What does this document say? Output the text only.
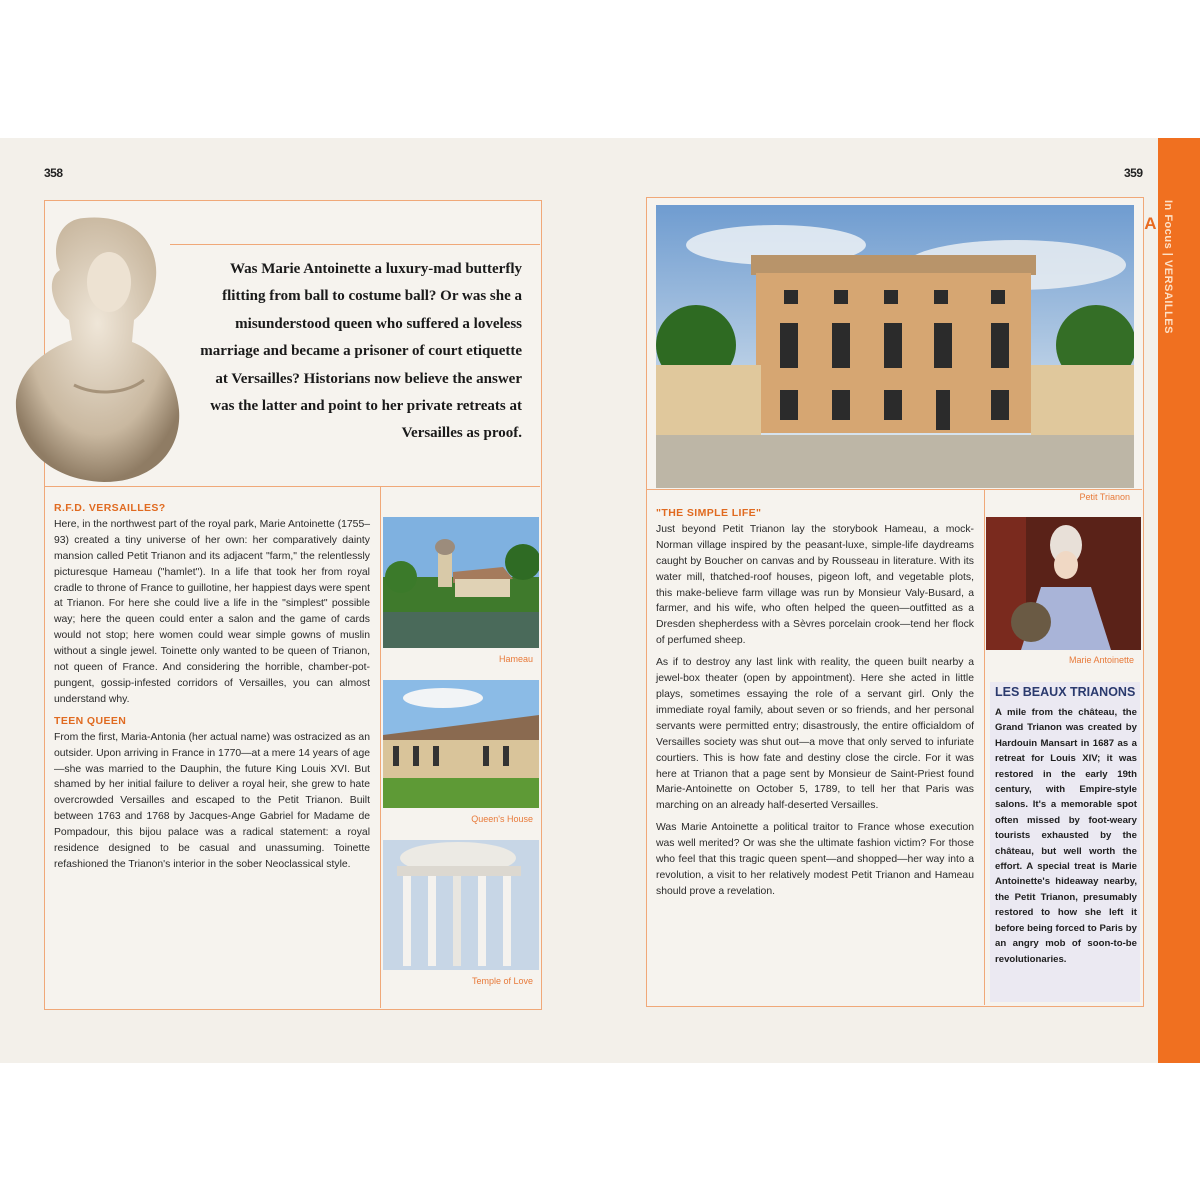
358
LAIR
Was Marie Antoinette a luxury-mad butterfly flitting from ball to costume ball? Or was she a misunderstood queen who suffered a loveless marriage and became a prisoner of court etiquette at Versailles? Historians now believe the answer was the latter and point to her private retreats at Versailles as proof.
R.F.D. VERSAILLES?

Here, in the northwest part of the royal park, Marie Antoinette (1755–93) created a tiny universe of her own: her comparatively dainty mansion called Petit Trianon and its adjacent "farm," the relentlessly picturesque Hameau ("hamlet"). In a life that took her from royal cradle to throne of France to guillotine, her happiest days were spent at Trianon. For here she could live a life in the "simplest" possible way; here the queen could enter a salon and the game of cards would not stop; here women could wear simple gowns of muslin without a single jewel. Toinette only wanted to be queen of Trianon, not queen of France. And considering the horrible, chamber-pot-pungent, gossip-infested corridors of Versailles, you can almost understand why.

TEEN QUEEN

From the first, Maria-Antonia (her actual name) was ostracized as an outsider. Upon arriving in France in 1770—at a mere 14 years of age—she was married to the Dauphin, the future King Louis XVI. But shamed by her initial failure to deliver a royal heir, she grew to hate overcrowded Versailles and escaped to the Petit Trianon. Built between 1763 and 1768 by Jacques-Ange Gabriel for Madame de Pompadour, this bijou palace was a radical statement: a royal residence designed to be casual and unassuming. Toinette refashioned the Trianon's interior in the sober Neoclassical style.

Hameau
Queen's House
Temple of Love
359
In Focus | VERSAILLES
Petit Trianon
"THE SIMPLE LIFE"

Just beyond Petit Trianon lay the storybook Hameau, a mock-Norman village inspired by the peasant-luxe, simple-life daydreams caught by Boucher on canvas and by Rousseau in literature. With its water mill, thatched-roof houses, pigeon loft, and vegetable plots, this make-believe farm village was run by Monsieur Valy-Busard, a farmer, and his wife, who often helped the queen—outfitted as a Dresden shepherdess with a Sèvres porcelain crook—tend her flock of perfumed sheep.

As if to destroy any last link with reality, the queen built nearby a jewel-box theater (open by appointment). Here she acted in little plays, sometimes essaying the role of a servant girl. Only the immediate royal family, about seven or so friends, and her personal servants were permitted entry; disastrously, the entire officialdom of Versailles society was shut out—a move that only served to infuriate courtiers. This is how fate and destiny close the circle. For it was here at Trianon that a page sent by Monsieur de Saint-Priest found Marie-Antoinette on October 5, 1789, to tell her that Paris was marching on an already half-deserted Versailles.

Was Marie Antoinette a political traitor to France whose execution was well merited? Or was she the ultimate fashion victim? For those who feel that this tragic queen spent—and shopped—her way into a revolution, a visit to her relatively modest Petit Trianon and Hameau should prove a revelation.

Marie Antoinette
LES BEAUX TRIANONS
A mile from the château, the Grand Trianon was created by Hardouin Mansart in 1687 as a retreat for Louis XIV; it was restored in the early 19th century, with Empire-style salons. It's a memorable spot often missed by foot-weary tourists exhausted by the château, but well worth the effort. A special treat is Marie Antoinette's hideaway nearby, the Petit Trianon, presumably restored to how she left it before being forced to Paris by an angry mob of soon-to-be revolutionaries.
